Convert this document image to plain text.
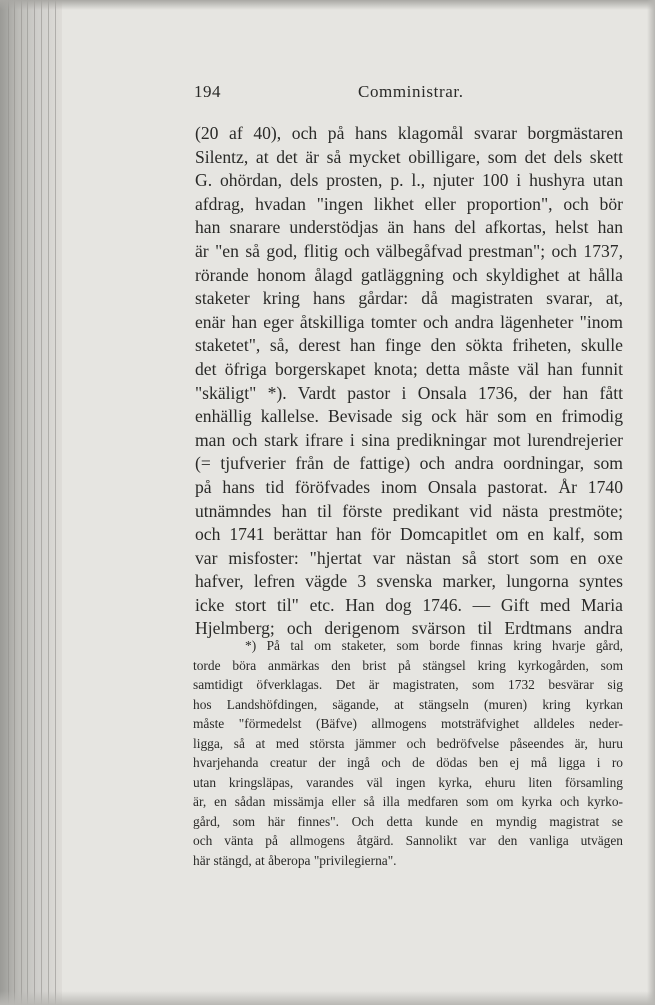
194	Comministrar.
(20 af 40), och på hans klagomål svarar borgmästaren
Silentz, at det är så mycket obilligare, som det dels skett
G. ohördan, dels prosten, p. l., njuter 100 i hushyra utan
afdrag, hvadan "ingen likhet eller proportion", och bör
han snarare understödjas än hans del afkortas, helst han
är "en så god, flitig och välbegåfvad prestman"; och 1737,
rörande honom ålagd gatläggning och skyldighet at hålla
staketer kring hans gårdar: då magistraten svarar, at,
enär han eger åtskilliga tomter och andra lägenheter "inom
staketet", så, derest han finge den sökta friheten, skulle
det öfriga borgerskapet knota; detta måste väl han funnit
"skäligt" *). Vardt pastor i Onsala 1736, der han fått
enhällig kallelse. Bevisade sig ock här som en frimodig
man och stark ifrare i sina predikningar mot lurendrejerier
(= tjufverier från de fattige) och andra oordningar, som
på hans tid föröfvades inom Onsala pastorat. År 1740
utnämndes han til förste predikant vid nästa prestmöte;
och 1741 berättar han för Domcapitlet om en kalf, som
var misfoster: "hjertat var nästan så stort som en oxe
hafver, lefren vägde 3 svenska marker, lungorna syntes
icke stort til" etc. Han dog 1746. — Gift med Maria
Hjelmberg; och derigenom svärson til Erdtmans andra
*) På tal om staketer, som borde finnas kring hvarje gård,
torde böra anmärkas den brist på stängsel kring kyrkogården, som
samtidigt öfverklagas. Det är magistraten, som 1732 besvärar sig
hos Landshöfdingen, sägande, at stängseln (muren) kring kyrkan
måste "förmedelst (Bäfve) allmogens motsträfvighet alldeles neder-
ligga, så at med största jämmer och bedröfvelse påseendes är, huru
hvarjehanda creatur der ingå och de dödas ben ej må ligga i ro
utan kringsläpas, varandes väl ingen kyrka, ehuru liten församling
är, en sådan missämja eller så illa medfaren som om kyrka och kyrko-
gård, som här finnes". Och detta kunde en myndig magistrat se
och vänta på allmogens åtgärd. Sannolikt var den vanliga utvägen
här stängd, at åberopa "privilegierna".
